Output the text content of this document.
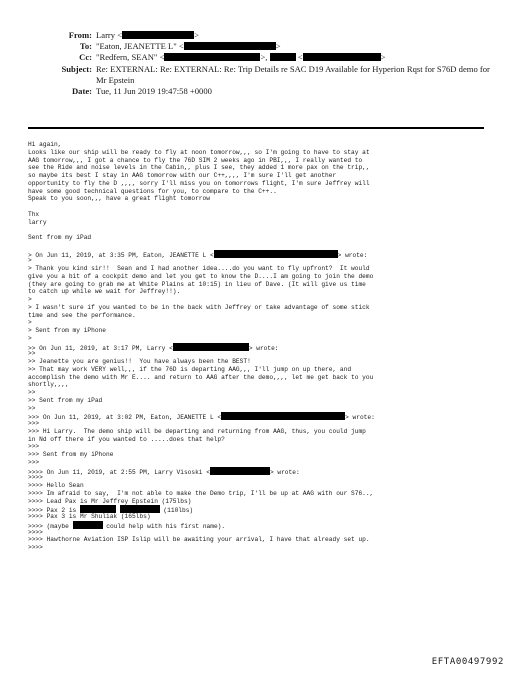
From: Larry <	>
To: "Eaton, JEANETTE L" <	>
Cc: "Redfern, SEAN" <	>,	<	>
Subject: Re: EXTERNAL: Re: EXTERNAL: Re: Trip Details re SAC D19 Available for Hyperion Rqst for S76D demo for Mr Epstein
Date: Tue, 11 Jun 2019 19:47:58 +0000
Hi again,
Looks like our ship will be ready to fly at noon tomorrow,,, so I'm going to have to stay at
AAG tomorrow,,, I got a chance to fly the 76D SIM 2 weeks ago in PBI,,, I really wanted to
see the Ride and noise levels in the Cabin,, plus I see, they added 1 more pax on the trip,,
so maybe its best I stay in AAG tomorrow with our C++,,,, I'm sure I'll get another
opportunity to fly the D ,,,, sorry I'll miss you on tomorrows flight, I'm sure Jeffrey will
have some good technical questions for you, to compare to the C++..
Speak to you soon,,, have a great flight tomorrow
Thx
larry
Sent from my iPad
> On Jun 11, 2019, at 3:35 PM, Eaton, JEANETTE L <	> wrote:
>
> Thank you kind sir!!  Sean and I had another idea....do you want to fly upfront?  It would
give you a bit of a cockpit demo and let you get to know the D....I am going to join the demo
(they are going to grab me at White Plains at 10:15) in lieu of Dave. (It will give us time
to catch up while we wait for Jeffrey!!).
>
> I wasn't sure if you wanted to be in the back with Jeffrey or take advantage of some stick
time and see the performance.
>
> Sent from my iPhone
>
>> On Jun 11, 2019, at 3:17 PM, Larry <	> wrote:
>>
>> Jeanette you are genius!!  You have always been the BEST!
>> That may work VERY well,,, if the 76D is departing AAG,,, I'll jump on up there, and
accomplish the demo with Mr E.... and return to AAG after the demo,,,, let me get back to you
shortly,,,,
>>
>> Sent from my iPad
>>
>>> On Jun 11, 2019, at 3:02 PM, Eaton, JEANETTE L <	> wrote:
>>>
>>> Hi Larry.  The demo ship will be departing and returning from AAG, thus, you could jump
in Nd off there if you wanted to .....does that help?
>>>
>>> Sent from my iPhone
>>>
>>>> On Jun 11, 2019, at 2:55 PM, Larry Visoski <	> wrote:
>>>>
>>>> Hello Sean
>>>> Im afraid to say,  I'm not able to make the Demo trip, I'll be up at AAG with our S76..,
>>>> Lead Pax is Mr Jeffrey Epstein (175lbs)
>>>> Pax 2 is	(110lbs)
>>>> Pax 3 is Mr Shuliak (165lbs)
>>>> (maybe	could help with his first name).
>>>>
>>>> Hawthorne Aviation ISP Islip will be awaiting your arrival, I have that already set up.
>>>>
EFTA00497992
